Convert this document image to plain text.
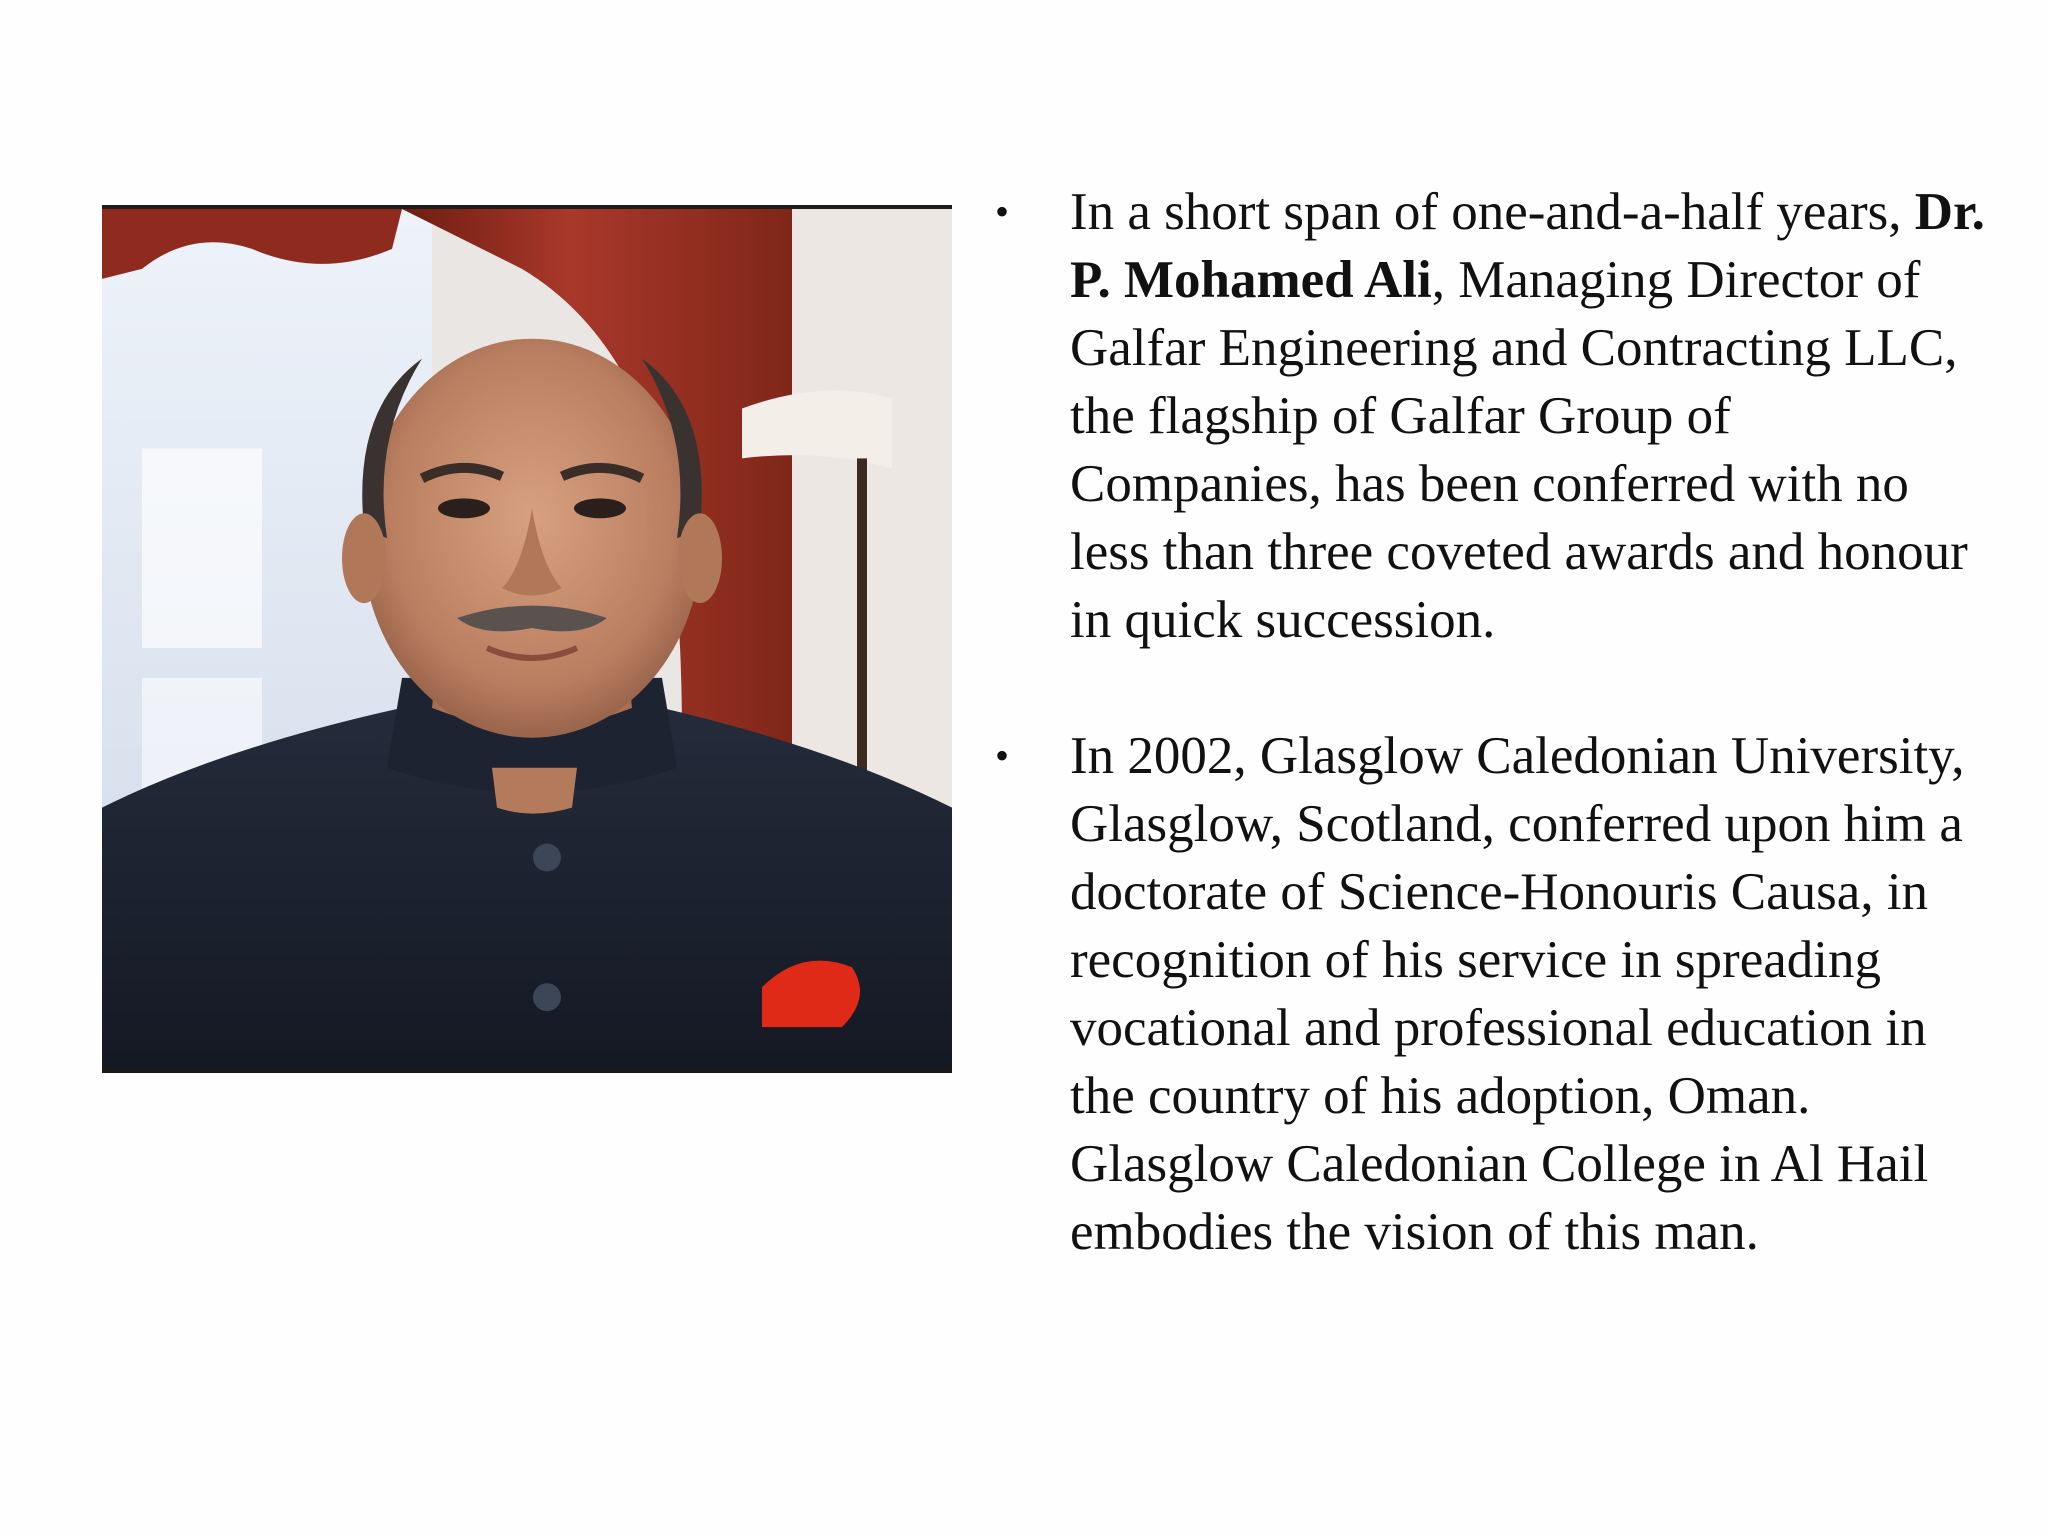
• In a short span of one-and-a-half years, Dr. P. Mohamed Ali, Managing Director of Galfar Engineering and Contracting LLC, the flagship of Galfar Group of Companies, has been conferred with no less than three coveted awards and honour in quick succession.
• In 2002, Glasglow Caledonian University, Glasglow, Scotland, conferred upon him a doctorate of Science-Honouris Causa, in recognition of his service in spreading vocational and professional education in the country of his adoption, Oman. Glasglow Caledonian College in Al Hail embodies the vision of this man.
